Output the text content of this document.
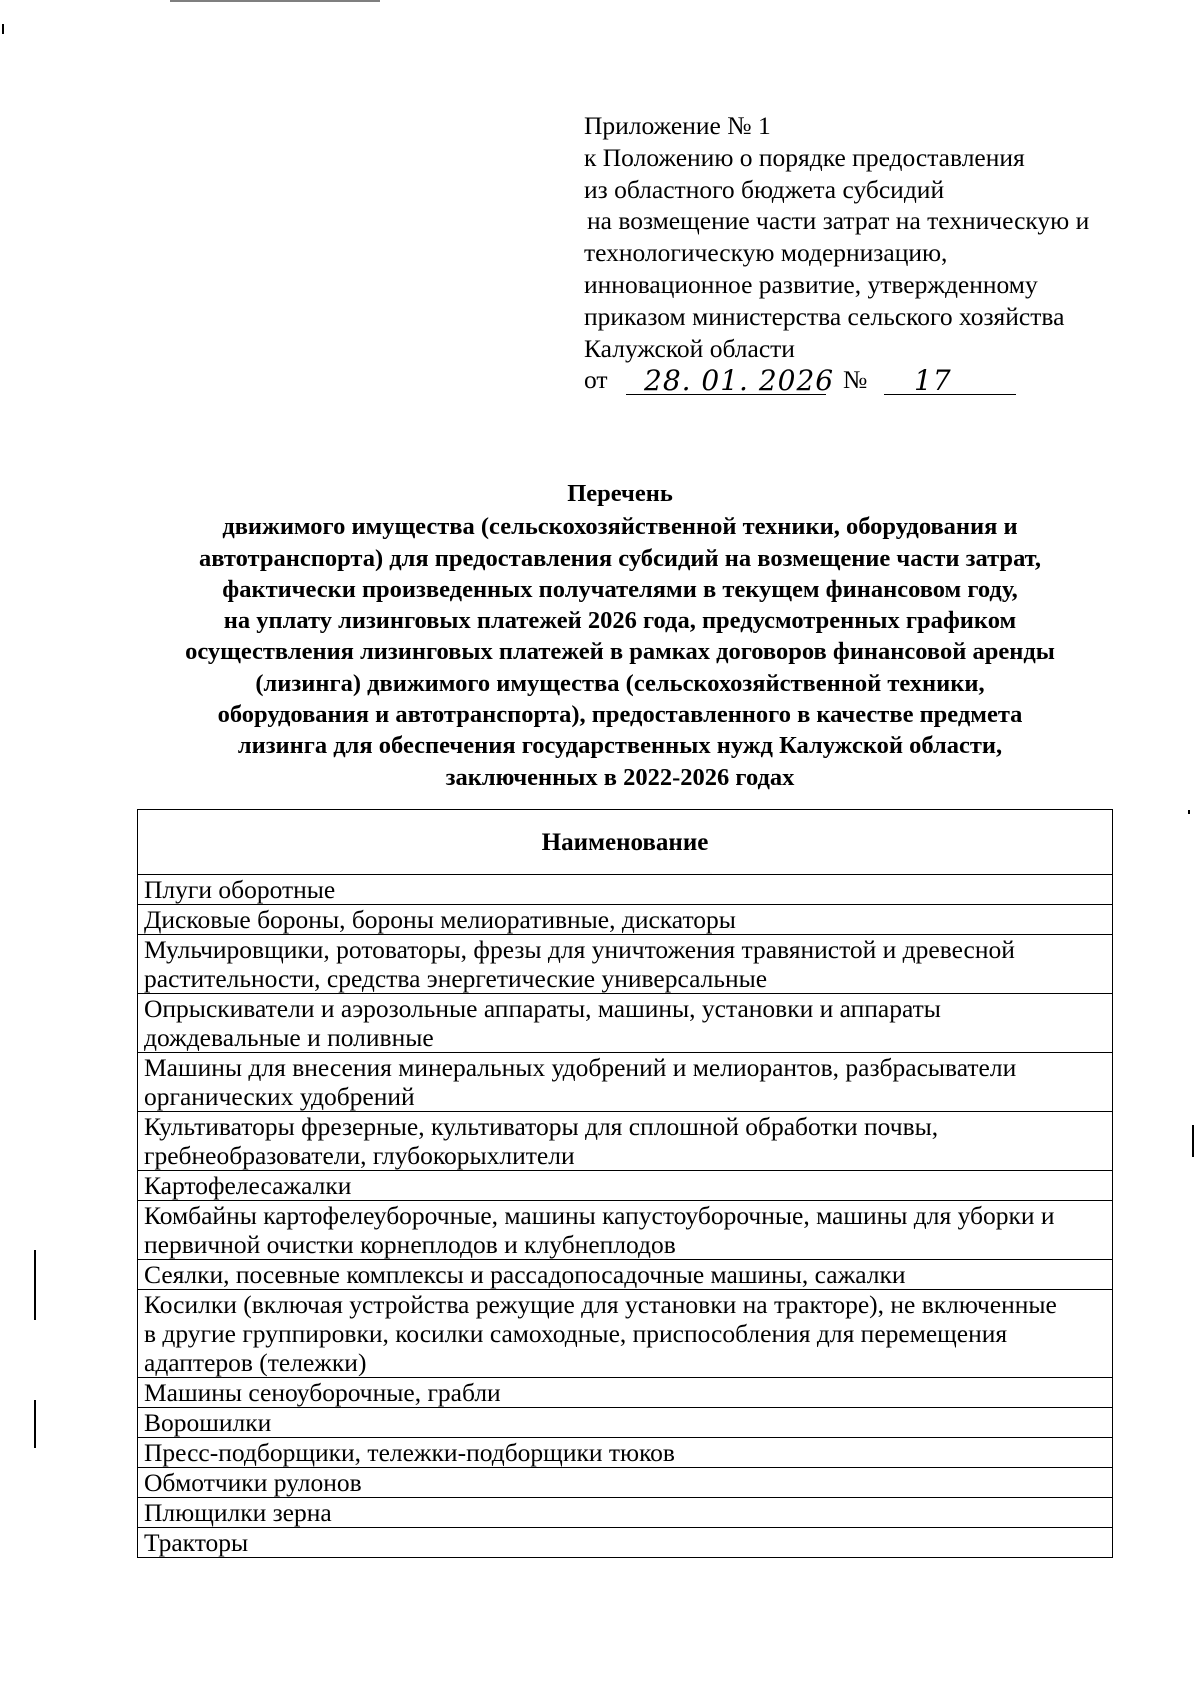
Приложение № 1
к Положению о порядке предоставления
из областного бюджета субсидий
на возмещение части затрат на техническую и
технологическую модернизацию,
инновационное развитие, утвержденному
приказом министерства сельского хозяйства
Калужской области
от 28. 01. 2026 № 17
Перечень
движимого имущества (сельскохозяйственной техники, оборудования и
автотранспорта) для предоставления субсидий на возмещение части затрат,
фактически произведенных получателями в текущем финансовом году,
на уплату лизинговых платежей 2026 года, предусмотренных графиком
осуществления лизинговых платежей в рамках договоров финансовой аренды
(лизинга) движимого имущества (сельскохозяйственной техники,
оборудования и автотранспорта), предоставленного в качестве предмета
лизинга для обеспечения государственных нужд Калужской области,
заключенных в 2022-2026 годах
Наименование

Плуги оборотные

Дисковые бороны, бороны мелиоративные, дискаторы

Мульчировщики, ротоваторы, фрезы для уничтожения травянистой и древесной
растительности, средства энергетические универсальные

Опрыскиватели и аэрозольные аппараты, машины, установки и аппараты
дождевальные и поливные

Машины для внесения минеральных удобрений и мелиорантов, разбрасыватели
органических удобрений

Культиваторы фрезерные, культиваторы для сплошной обработки почвы,
гребнеобразователи, глубокорыхлители

Картофелесажалки

Комбайны картофелеуборочные, машины капустоуборочные, машины для уборки и
первичной очистки корнеплодов и клубнеплодов

Сеялки, посевные комплексы и рассадопосадочные машины, сажалки

Косилки (включая устройства режущие для установки на тракторе), не включенные
в другие группировки, косилки самоходные, приспособления для перемещения
адаптеров (тележки)

Машины сеноуборочные, грабли

Ворошилки

Пресс-подборщики, тележки-подборщики тюков

Обмотчики рулонов

Плющилки зерна

Тракторы
